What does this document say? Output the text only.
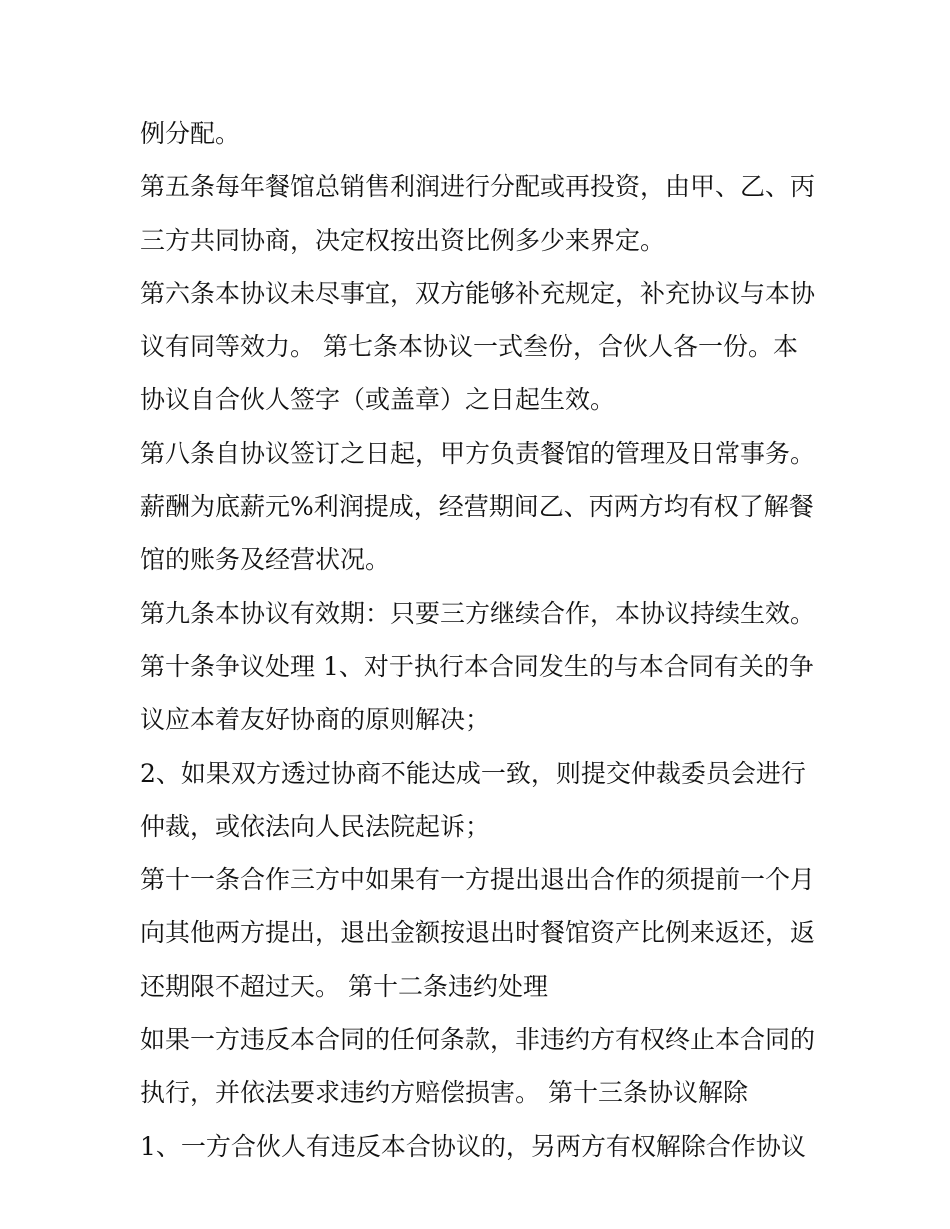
例分配。
第五条每年餐馆总销售利润进行分配或再投资，由甲、乙、丙
三方共同协商，决定权按出资比例多少来界定。
第六条本协议未尽事宜，双方能够补充规定，补充协议与本协
议有同等效力。 第七条本协议一式叁份，合伙人各一份。本
协议自合伙人签字（或盖章）之日起生效。
第八条自协议签订之日起，甲方负责餐馆的管理及日常事务。
薪酬为底薪元%利润提成，经营期间乙、丙两方均有权了解餐
馆的账务及经营状况。
第九条本协议有效期：只要三方继续合作，本协议持续生效。
第十条争议处理 1、对于执行本合同发生的与本合同有关的争
议应本着友好协商的原则解决；
2、如果双方透过协商不能达成一致，则提交仲裁委员会进行
仲裁，或依法向人民法院起诉；
第十一条合作三方中如果有一方提出退出合作的须提前一个月
向其他两方提出，退出金额按退出时餐馆资产比例来返还，返
还期限不超过天。 第十二条违约处理
如果一方违反本合同的任何条款，非违约方有权终止本合同的
执行，并依法要求违约方赔偿损害。 第十三条协议解除
1、一方合伙人有违反本合协议的，另两方有权解除合作协议
